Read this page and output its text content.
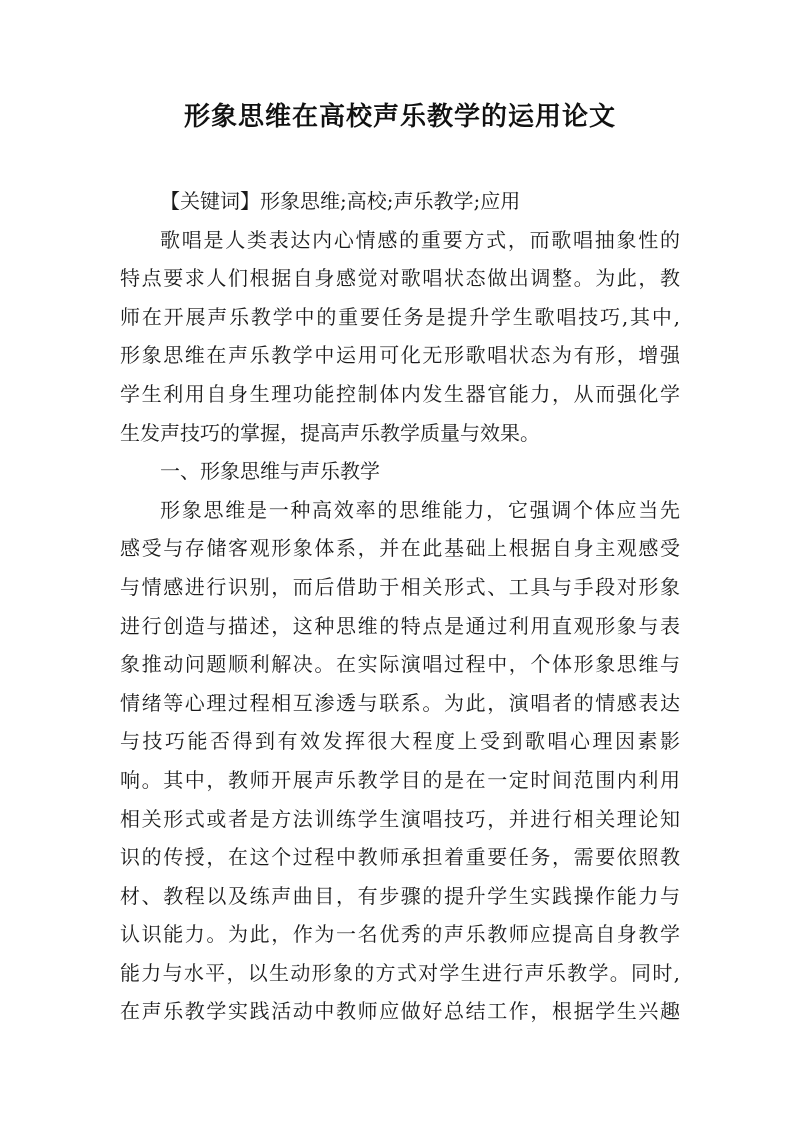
形象思维在高校声乐教学的运用论文
【关键词】形象思维;高校;声乐教学;应用
歌唱是人类表达内心情感的重要方式，而歌唱抽象性的
特点要求人们根据自身感觉对歌唱状态做出调整。为此，教
师在开展声乐教学中的重要任务是提升学生歌唱技巧,其中,
形象思维在声乐教学中运用可化无形歌唱状态为有形，增强
学生利用自身生理功能控制体内发生器官能力，从而强化学
生发声技巧的掌握，提高声乐教学质量与效果。
一、形象思维与声乐教学
形象思维是一种高效率的思维能力，它强调个体应当先
感受与存储客观形象体系，并在此基础上根据自身主观感受
与情感进行识别，而后借助于相关形式、工具与手段对形象
进行创造与描述，这种思维的特点是通过利用直观形象与表
象推动问题顺利解决。在实际演唱过程中，个体形象思维与
情绪等心理过程相互渗透与联系。为此，演唱者的情感表达
与技巧能否得到有效发挥很大程度上受到歌唱心理因素影
响。其中，教师开展声乐教学目的是在一定时间范围内利用
相关形式或者是方法训练学生演唱技巧，并进行相关理论知
识的传授，在这个过程中教师承担着重要任务，需要依照教
材、教程以及练声曲目，有步骤的提升学生实践操作能力与
认识能力。为此，作为一名优秀的声乐教师应提高自身教学
能力与水平，以生动形象的方式对学生进行声乐教学。同时,
在声乐教学实践活动中教师应做好总结工作，根据学生兴趣
